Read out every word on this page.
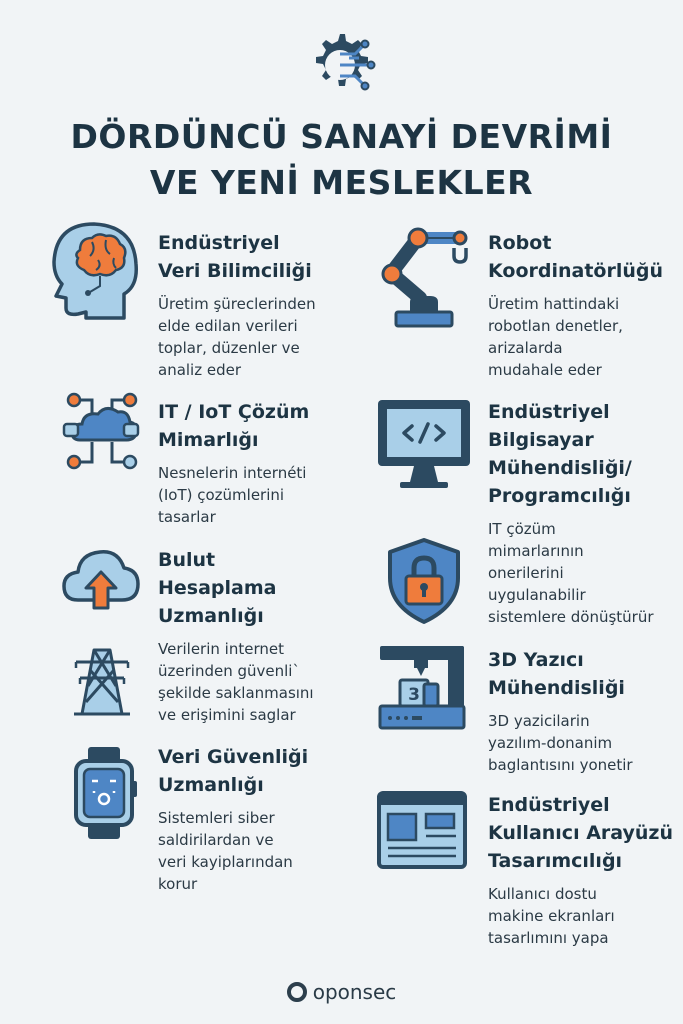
DÖRDÜNCÜ SANAYİ DEVRİMİ
VE YENİ MESLEKLER
Endüstriyel
Veri Bilimciliği
Üretim şüreclerinden
elde edilan verileri
toplar, düzenler ve
analiz eder
IT / IoT Çözüm
Mimarlığı
Nesnelerin internéti
(IoT) çozümlerini
tasarlar
Bulut
Hesaplama
Uzmanlığı
Verilerin internet
üzerinden güvenli`
şekilde saklanmasını
ve erişimini saglar
Veri Güvenliği
Uzmanlığı
Sistemleri siber
saldirilardan ve
veri kayiplarından
korur
Robot
Koordinatörlüğü
Üretim hattindaki
robotlan denetler,
arizalarda
mudahale eder
Endüstriyel
Bilgisayar
Mühendisliği/
Programcılığı
IT çözüm
mimarlarının
onerilerini
uygulanabilir
sistemlere dönüştürür
3
3D Yazıcı
Mühendisliği
3D yazicilarin
yazılım-donanim
baglantısını yonetir
Endüstriyel
Kullanıcı Arayüzü
Tasarımcılığı
Kullanıcı dostu
makine ekranları
tasarlımını yapa
oponsec
